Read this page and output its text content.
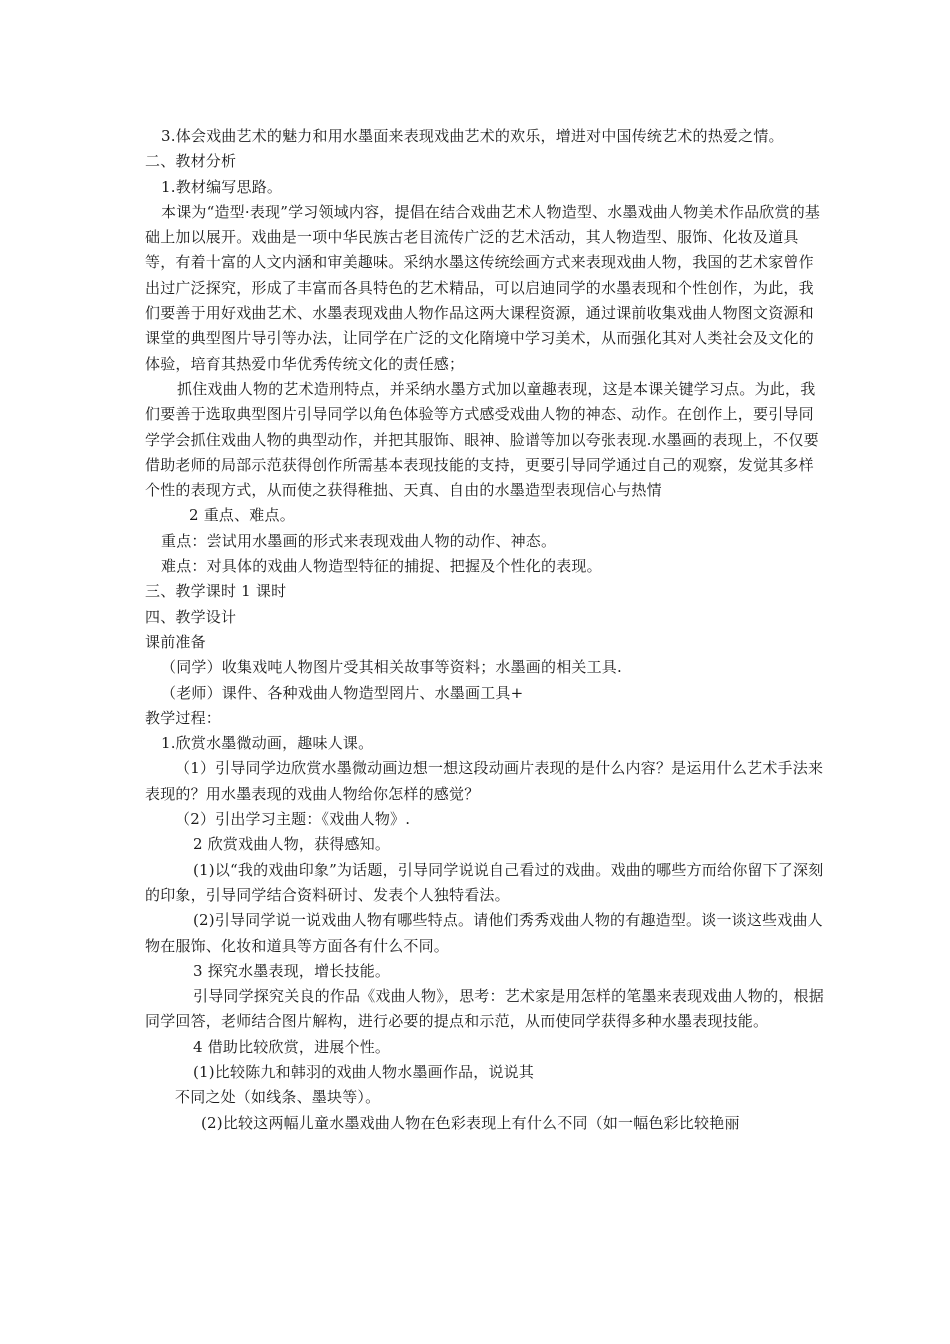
3.体会戏曲艺术的魅力和用水墨面来表现戏曲艺术的欢乐，增进对中国传统艺术的热爱之情。

二、教材分析

1.教材编写思路。

本课为“造型·表现”学习领域内容，提倡在结合戏曲艺术人物造型、水墨戏曲人物美术作品欣赏的基础上加以展开。戏曲是一项中华民族古老目流传广泛的艺术活动，其人物造型、服饰、化妆及道具等，有着十富的人文内涵和审美趣味。采纳水墨这传统绘画方式来表现戏曲人物，我国的艺术家曾作出过广泛探究，形成了丰富而各具特色的艺术精品，可以启迪同学的水墨表现和个性创作，为此，我们要善于用好戏曲艺术、水墨表现戏曲人物作品这两大课程资源，通过课前收集戏曲人物图文资源和课堂的典型图片导引等办法，让同学在广泛的文化隋境中学习美术，从而强化其对人类社会及文化的体验，培育其热爱巾华优秀传统文化的责任感；

抓住戏曲人物的艺术造刑特点，并采纳水墨方式加以童趣表现，这是本课关键学习点。为此，我们要善于选取典型图片引导同学以角色体验等方式感受戏曲人物的神态、动作。在创作上，要引导同学学会抓住戏曲人物的典型动作，并把其服饰、眼神、脸谱等加以夸张表现.水墨画的表现上，不仅要借助老师的局部示范获得创作所需基本表现技能的支持，更要引导同学通过自己的观察，发觉其多样个性的表现方式，从而使之获得稚拙、天真、自由的水墨造型表现信心与热情

2 重点、难点。

重点：尝试用水墨画的形式来表现戏曲人物的动作、神态。

难点：对具体的戏曲人物造型特征的捕捉、把握及个性化的表现。

三、教学课时 1 课时

四、教学设计

课前准备

（同学）收集戏吨人物图片受其相关故事等资料；水墨画的相关工具.

（老师）课件、各种戏曲人物造型罔片、水墨画工具+

教学过程：

1.欣赏水墨微动画，趣味人课。

（1）引导同学边欣赏水墨微动画边想一想这段动画片表现的是什么内容？是运用什么艺术手法来表现的？用水墨表现的戏曲人物给你怎样的感觉？

（2）引出学习主题：《戏曲人物》.

2 欣赏戏曲人物，获得感知。

(1)以“我的戏曲印象”为话题，引导同学说说自己看过的戏曲。戏曲的哪些方而给你留下了深刻的印象，引导同学结合资料研讨、发表个人独特看法。

(2)引导同学说一说戏曲人物有哪些特点。请他们秀秀戏曲人物的有趣造型。谈一谈这些戏曲人物在服饰、化妆和道具等方面各有什么不同。

3 探究水墨表现，增长技能。

引导同学探究关良的作品《戏曲人物》，思考：艺术家是用怎样的笔墨来表现戏曲人物的，根据同学回答，老师结合图片解构，进行必要的提点和示范，从而使同学获得多种水墨表现技能。

4 借助比较欣赏，进展个性。

(1)比较陈九和韩羽的戏曲人物水墨画作品，说说其

不同之处（如线条、墨块等）。

(2)比较这两幅儿童水墨戏曲人物在色彩表现上有什么不同（如一幅色彩比较艳丽
